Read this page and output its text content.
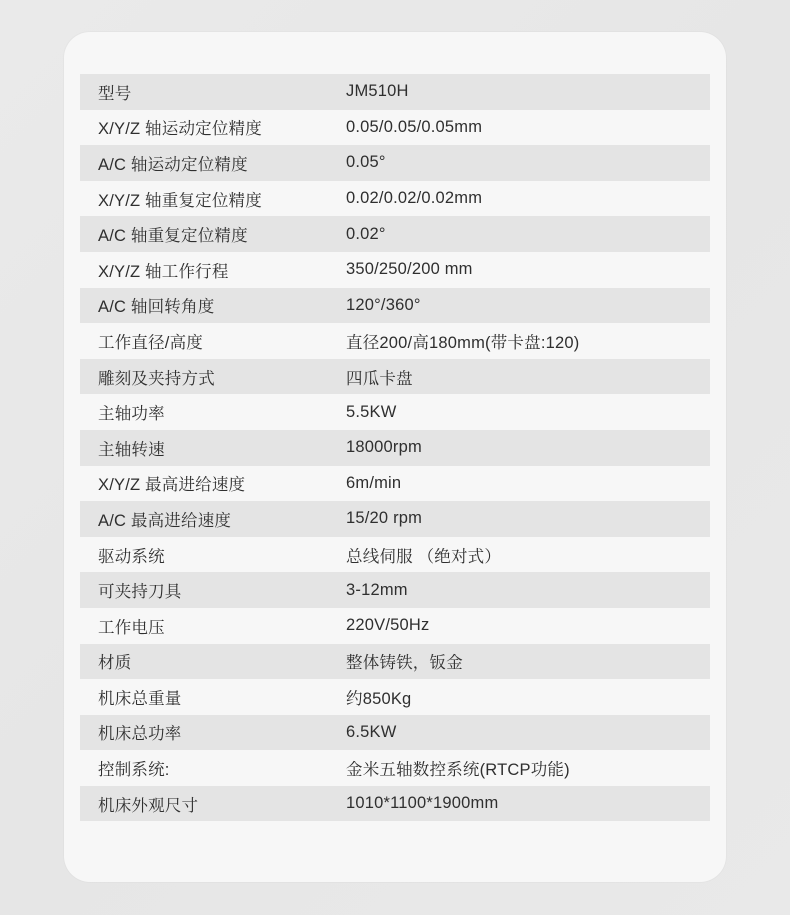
型号	JM510H
X/Y/Z 轴运动定位精度	0.05/0.05/0.05mm
A/C 轴运动定位精度	0.05°
X/Y/Z 轴重复定位精度	0.02/0.02/0.02mm
A/C 轴重复定位精度	0.02°
X/Y/Z 轴工作行程	350/250/200 mm
A/C 轴回转角度	120°/360°
工作直径/高度	直径200/高180mm(带卡盘:120)
雕刻及夹持方式	四瓜卡盘
主轴功率	5.5KW
主轴转速	18000rpm
X/Y/Z 最高进给速度	6m/min
A/C 最高进给速度	15/20 rpm
驱动系统	总线伺服 （绝对式）
可夹持刀具	3-12mm
工作电压	220V/50Hz
材质	整体铸铁，钣金
机床总重量	约850Kg
机床总功率	6.5KW
控制系统:	金米五轴数控系统(RTCP功能)
机床外观尺寸	1010*1100*1900mm
